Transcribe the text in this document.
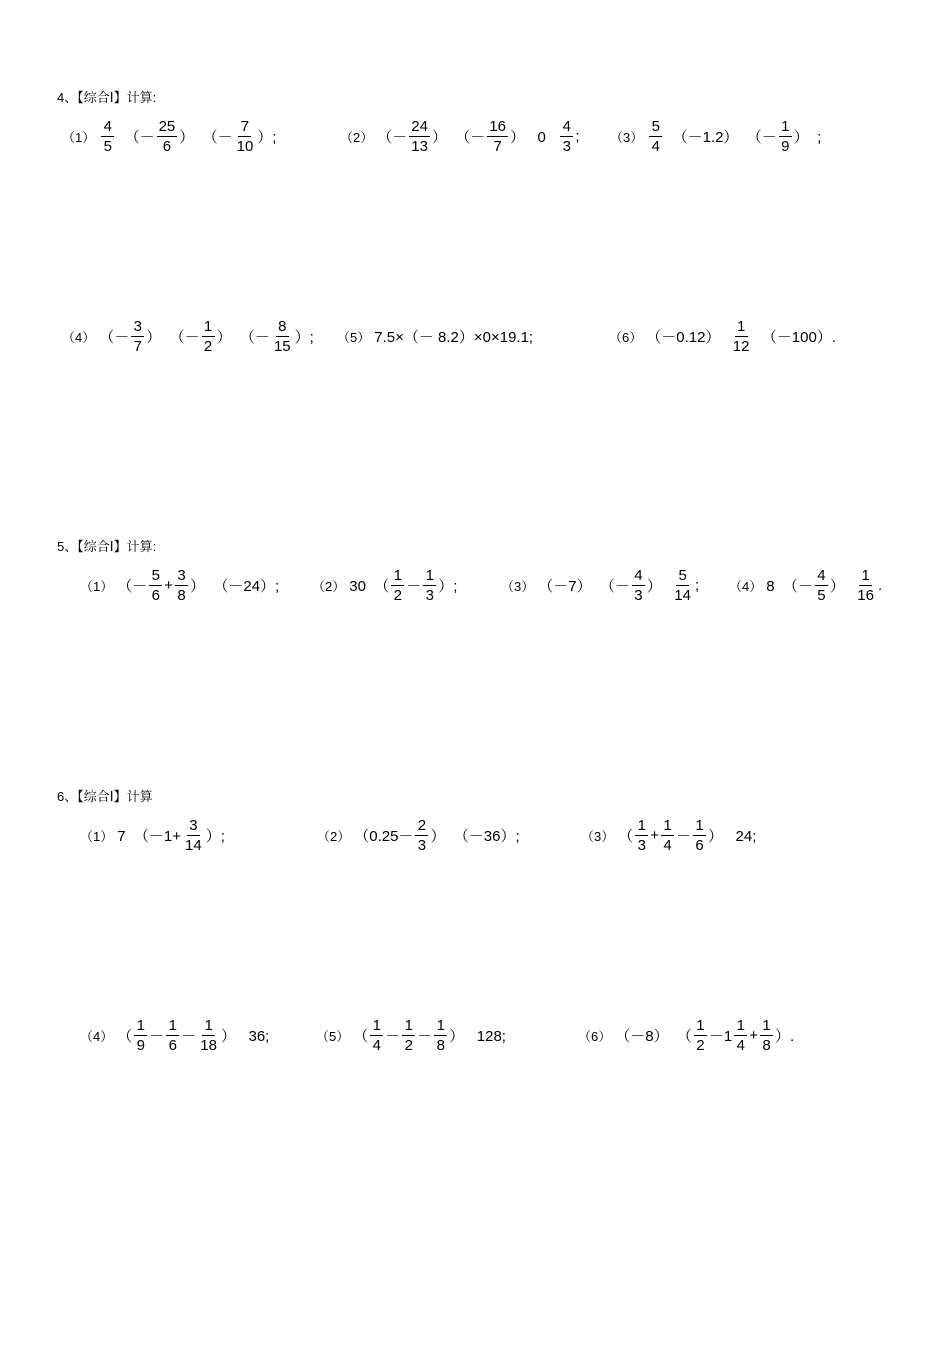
4、【综合Ⅰ】计算:
$(1) \frac{4}{5}$ （－ $\frac{25}{6}$ ）  （－ $\frac{7}{10}$ ）;	（2） （－ $\frac{24}{13}$ ）  （－ $\frac{16}{7}$ ）   $0 \frac{4}{3}$ ; $(3) \frac{5}{4} (-1.2)$  （－ $\frac{1}{9}$ ）  ;
（4） （－ $\frac{3}{7}$ ）  （－ $\frac{1}{2}$ ）  （－ $\frac{8}{15}$ ）; （5） 7.5×（－ 8.2）×0×19.1;	（6） $(-0.12) \frac{1}{12} (-100)$.
5、【综合Ⅰ】计算:
（1） （－ $\frac{5}{6} + \frac{3}{8}$ ）  （－24）;	（2） 30  （ $\frac{1}{2} - \frac{1}{3}$ ）;	（3） （－7）  （－ $\frac{4}{3}$ ） $\frac{5}{14}$ ; （4） 8  （－ $\frac{4}{5}$ ） $\frac{1}{16}$ .
6、【综合Ⅰ】计算
（1） 7  （$-1+ \frac{3}{14}$ ）;	（2） （$0.25- \frac{2}{3}$ ）  （－36）;	（3） （ $\frac{1}{3} + \frac{1}{4} - \frac{1}{6}$ ）   24;
（4） （ $\frac{1}{9} - \frac{1}{6} - \frac{1}{18}$ ）   36;	（5） （ $\frac{1}{4} - \frac{1}{2} - \frac{1}{8}$ ）   128;	（6） （－8）  （ $\frac{1}{2} -1 \frac{1}{4} + \frac{1}{8}$ ）.
